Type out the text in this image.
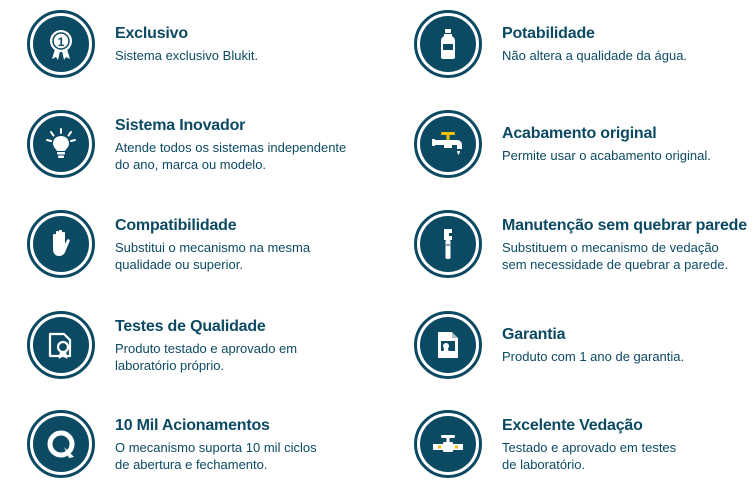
1	Exclusivo
Sistema exclusivo Blukit.
Sistema Inovador
Atende todos os sistemas independente
do ano, marca ou modelo.
Compatibilidade
Substitui o mecanismo na mesma
qualidade ou superior.
Testes de Qualidade
Produto testado e aprovado em
laboratório próprio.
10 Mil Acionamentos
O mecanismo suporta 10 mil ciclos
de abertura e fechamento.
Potabilidade
Não altera a qualidade da água.
Acabamento original
Permite usar o acabamento original.
Manutenção sem quebrar parede
Substituem o mecanismo de vedação
sem necessidade de quebrar a parede.
Garantia
Produto com 1 ano de garantia.
Excelente Vedação
Testado e aprovado em testes
de laboratório.
